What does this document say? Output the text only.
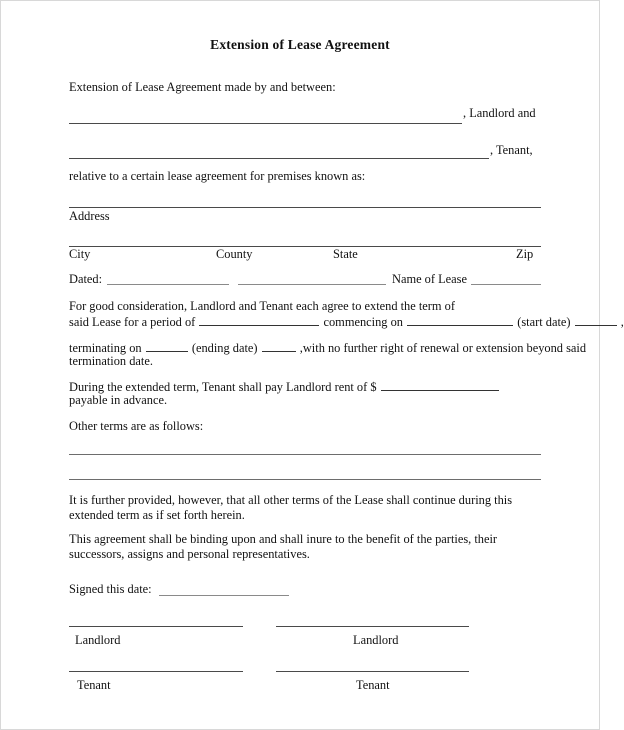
Extension of Lease Agreement
Extension of Lease Agreement made by and between:
, Landlord and
, Tenant,
relative to a certain lease agreement for premises known as:
Address
City	County	State	Zip
Dated:	Name of Lease
For good consideration, Landlord and Tenant each agree to extend the term of
said Lease for a period of	commencing on	(start date)	,
terminating on	(ending date)	,with no further right of renewal or extension beyond said
termination date.
During the extended term, Tenant shall pay Landlord rent of $
payable in advance.
Other terms are as follows:
It is further provided, however, that all other terms of the Lease shall continue during this extended term as if set forth herein.
This agreement shall be binding upon and shall inure to the benefit of the parties, their successors, assigns and personal representatives.
Signed this date:
Landlord	Landlord
Tenant	Tenant
